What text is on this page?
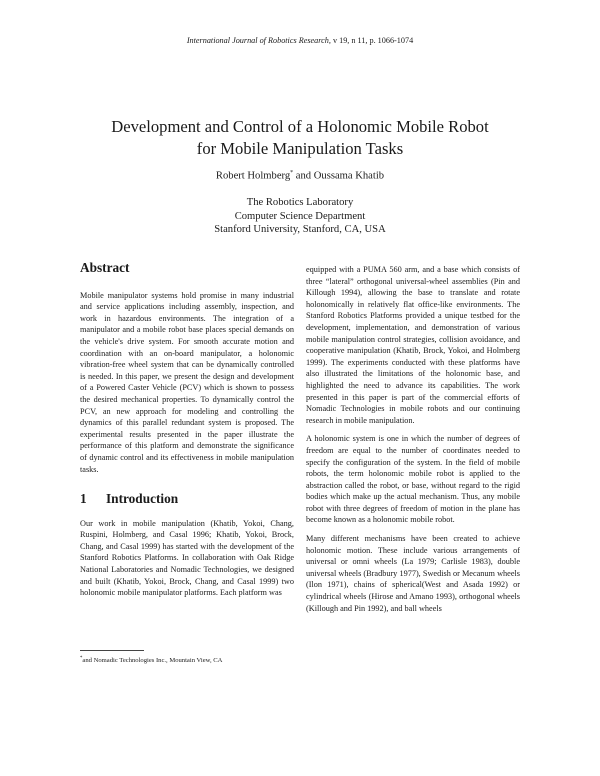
International Journal of Robotics Research, v 19, n 11, p. 1066-1074
Development and Control of a Holonomic Mobile Robot
for Mobile Manipulation Tasks
Robert Holmberg* and Oussama Khatib
The Robotics Laboratory
Computer Science Department
Stanford University, Stanford, CA, USA
Abstract

Mobile manipulator systems hold promise in many industrial and service applications including assembly, inspection, and work in hazardous environments. The integration of a manipulator and a mobile robot base places special demands on the vehicle's drive system. For smooth accurate motion and coordination with an on-board manipulator, a holonomic vibration-free wheel system that can be dynamically controlled is needed. In this paper, we present the design and development of a Powered Caster Vehicle (PCV) which is shown to possess the desired mechanical properties. To dynamically control the PCV, an new approach for modeling and controlling the dynamics of this parallel redundant system is proposed. The experimental results presented in the paper illustrate the performance of this platform and demonstrate the significance of dynamic control and its effectiveness in mobile manipulation tasks.

1 Introduction

Our work in mobile manipulation (Khatib, Yokoi, Chang, Ruspini, Holmberg, and Casal 1996; Khatib, Yokoi, Brock, Chang, and Casal 1999) has started with the development of the Stanford Robotics Platforms. In collaboration with Oak Ridge National Laboratories and Nomadic Technologies, we designed and built (Khatib, Yokoi, Brock, Chang, and Casal 1999) two holonomic mobile manipulator platforms. Each platform was

equipped with a PUMA 560 arm, and a base which consists of three “lateral” orthogonal universal-wheel assemblies (Pin and Killough 1994), allowing the base to translate and rotate holonomically in relatively flat office-like environments. The Stanford Robotics Platforms provided a unique testbed for the development, implementation, and demonstration of various mobile manipulation control strategies, collision avoidance, and cooperative manipulation (Khatib, Brock, Yokoi, and Holmberg 1999). The experiments conducted with these platforms have also illustrated the limitations of the holonomic base, and highlighted the need to advance its capabilities. The work presented in this paper is part of the commercial efforts of Nomadic Technologies in mobile robots and our continuing research in mobile manipulation.

A holonomic system is one in which the number of degrees of freedom are equal to the number of coordinates needed to specify the configuration of the system. In the field of mobile robots, the term holonomic mobile robot is applied to the abstraction called the robot, or base, without regard to the rigid bodies which make up the actual mechanism. Thus, any mobile robot with three degrees of freedom of motion in the plane has become known as a holonomic mobile robot.

Many different mechanisms have been created to achieve holonomic motion. These include various arrangements of universal or omni wheels (La 1979; Carlisle 1983), double universal wheels (Bradbury 1977), Swedish or Mecanum wheels (Ilon 1971), chains of spherical(West and Asada 1992) or cylindrical wheels (Hirose and Amano 1993), orthogonal wheels (Killough and Pin 1992), and ball wheels

*and Nomadic Technologies Inc., Mountain View, CA
